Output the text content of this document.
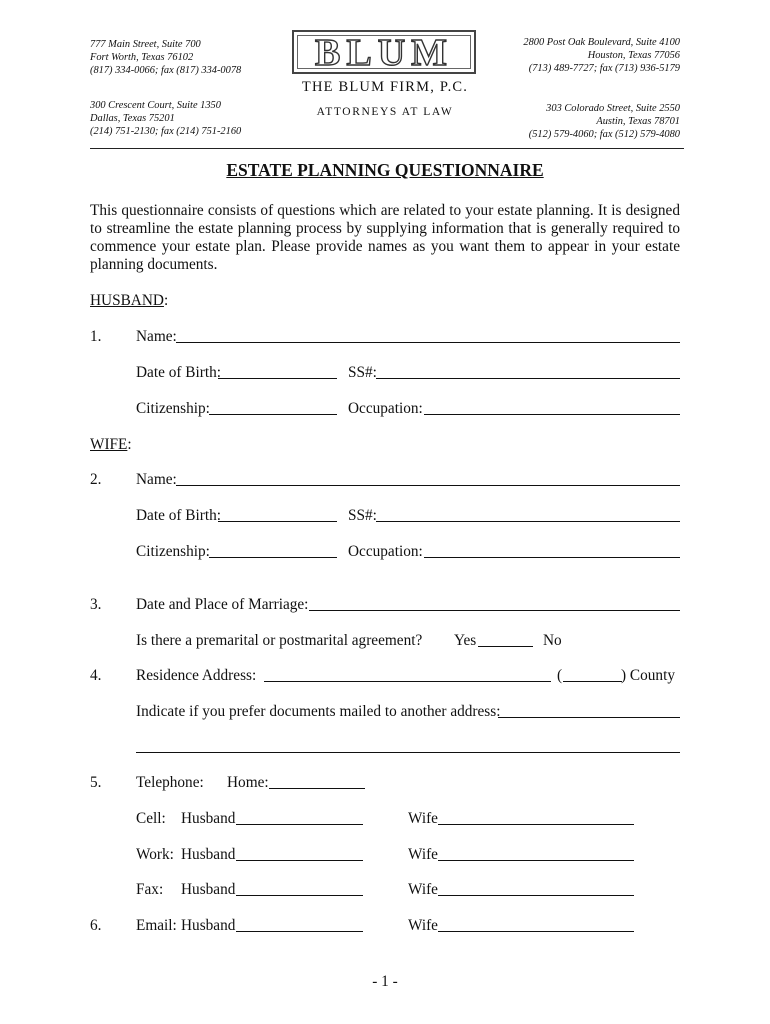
777 Main Street, Suite 700
Fort Worth, Texas 76102
(817) 334-0066; fax (817) 334-0078
300 Crescent Court, Suite 1350
Dallas, Texas 75201
(214) 751-2130; fax (214) 751-2160
2800 Post Oak Boulevard, Suite 4100
Houston, Texas 77056
(713) 489-7727; fax (713) 936-5179
303 Colorado Street, Suite 2550
Austin, Texas 78701
(512) 579-4060; fax (512) 579-4080
BLUM
THE BLUM FIRM, P.C.
ATTORNEYS AT LAW
ESTATE PLANNING QUESTIONNAIRE
This questionnaire consists of questions which are related to your estate planning. It is designed to streamline the estate planning process by supplying information that is generally required to commence your estate plan. Please provide names as you want them to appear in your estate planning documents.
HUSBAND:
1. Name:
Date of Birth:	SS#:
Citizenship:	Occupation:
WIFE:
2. Name:
Date of Birth:	SS#:
Citizenship:	Occupation:
3. Date and Place of Marriage:
Is there a premarital or postmarital agreement? Yes	No
4. Residence Address:	(	) County
Indicate if you prefer documents mailed to another address:
5. Telephone: Home:
Cell: Husband	Wife
Work: Husband	Wife
Fax: Husband	Wife
6. Email: Husband	Wife
- 1 -
